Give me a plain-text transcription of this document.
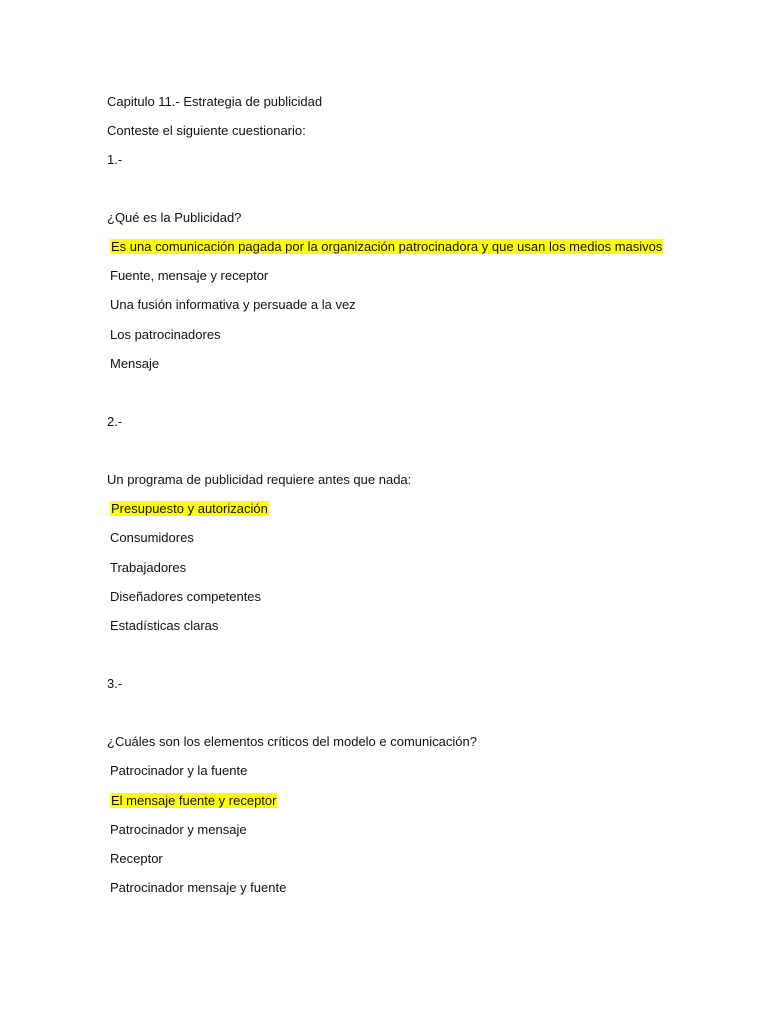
Capitulo 11.- Estrategia de publicidad
Conteste el siguiente cuestionario:
1.-
¿Qué es la Publicidad?
Es una comunicación pagada por la organización patrocinadora y que usan los medios masivos
Fuente, mensaje y receptor
Una fusión informativa y persuade a la vez
Los patrocinadores
Mensaje
2.-
Un programa de publicidad requiere antes que nada:
Presupuesto y autorización
Consumidores
Trabajadores
Diseñadores competentes
Estadísticas claras
3.-
¿Cuáles son los elementos críticos del modelo e comunicación?
Patrocinador y la fuente
El mensaje fuente y receptor
Patrocinador y mensaje
Receptor
Patrocinador mensaje y fuente
